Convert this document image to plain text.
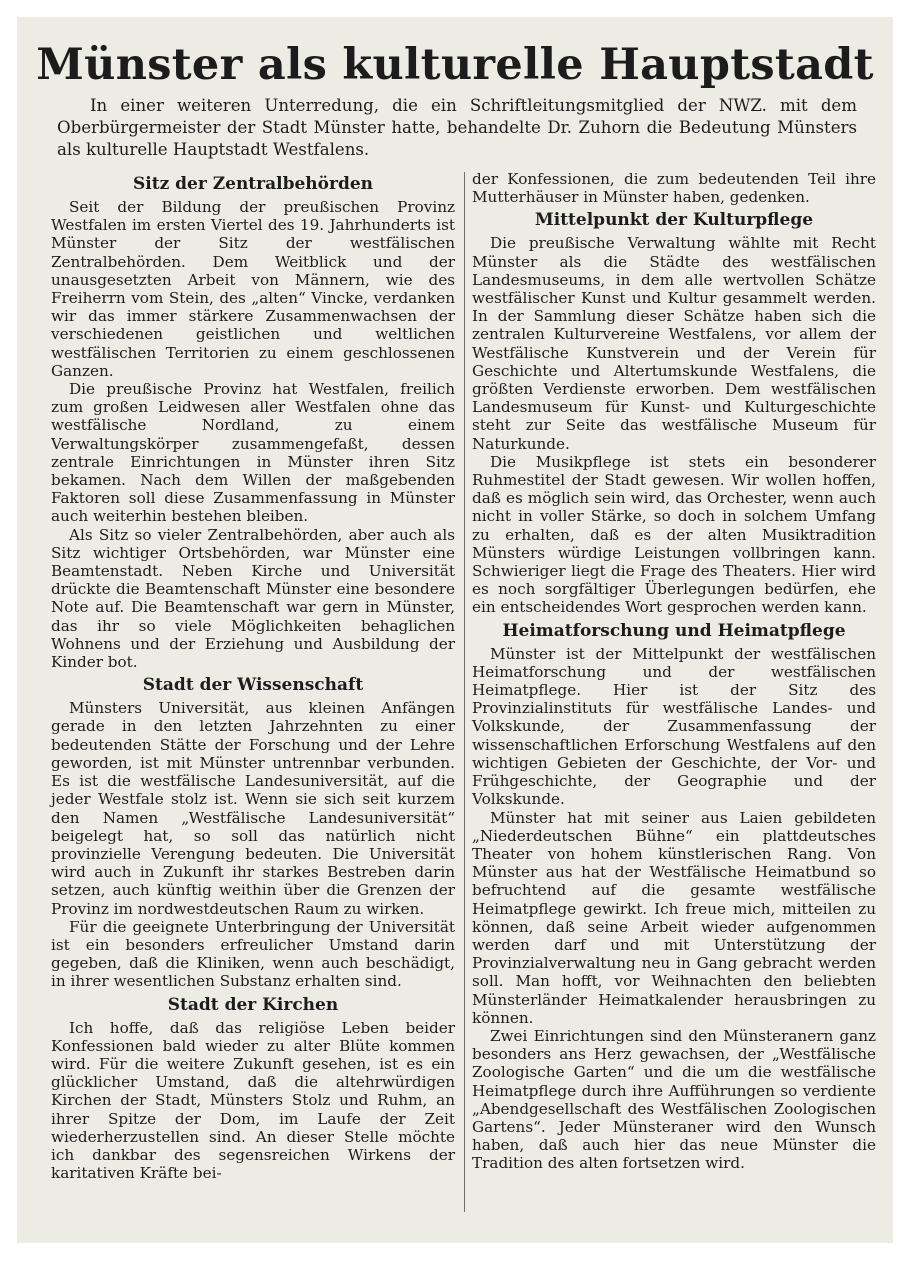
Münster als kulturelle Hauptstadt

In einer weiteren Unterredung, die ein Schriftleitungsmitglied der NWZ. mit dem Oberbürgermeister der Stadt Münster hatte, behandelte Dr. Zuhorn die Bedeutung Münsters als kulturelle Hauptstadt Westfalens.

Sitz der Zentralbehörden

Seit der Bildung der preußischen Provinz Westfalen im ersten Viertel des 19. Jahrhunderts ist Münster der Sitz der westfälischen Zentralbehörden. Dem Weitblick und der unausgesetzten Arbeit von Männern, wie des Freiherrn vom Stein, des „alten“ Vincke, verdanken wir das immer stärkere Zusammenwachsen der verschiedenen geistlichen und weltlichen westfälischen Territorien zu einem geschlossenen Ganzen.

Die preußische Provinz hat Westfalen, freilich zum großen Leidwesen aller Westfalen ohne das westfälische Nordland, zu einem Verwaltungskörper zusammengefaßt, dessen zentrale Einrichtungen in Münster ihren Sitz bekamen. Nach dem Willen der maßgebenden Faktoren soll diese Zusammenfassung in Münster auch weiterhin bestehen bleiben.

Als Sitz so vieler Zentralbehörden, aber auch als Sitz wichtiger Ortsbehörden, war Münster eine Beamtenstadt. Neben Kirche und Universität drückte die Beamtenschaft Münster eine besondere Note auf. Die Beamtenschaft war gern in Münster, das ihr so viele Möglichkeiten behaglichen Wohnens und der Erziehung und Ausbildung der Kinder bot.

Stadt der Wissenschaft

Münsters Universität, aus kleinen Anfängen gerade in den letzten Jahrzehnten zu einer bedeutenden Stätte der Forschung und der Lehre geworden, ist mit Münster untrennbar verbunden. Es ist die westfälische Landesuniversität, auf die jeder Westfale stolz ist. Wenn sie sich seit kurzem den Namen „Westfälische Landesuniversität“ beigelegt hat, so soll das natürlich nicht provinzielle Verengung bedeuten. Die Universität wird auch in Zukunft ihr starkes Bestreben darin setzen, auch künftig weithin über die Grenzen der Provinz im nordwestdeutschen Raum zu wirken.

Für die geeignete Unterbringung der Universität ist ein besonders erfreulicher Umstand darin gegeben, daß die Kliniken, wenn auch beschädigt, in ihrer wesentlichen Substanz erhalten sind.

Stadt der Kirchen

Ich hoffe, daß das religiöse Leben beider Konfessionen bald wieder zu alter Blüte kommen wird. Für die weitere Zukunft gesehen, ist es ein glücklicher Umstand, daß die altehrwürdigen Kirchen der Stadt, Münsters Stolz und Ruhm, an ihrer Spitze der Dom, im Laufe der Zeit wiederherzustellen sind. An dieser Stelle möchte ich dankbar des segensreichen Wirkens der karitativen Kräfte bei-

der Konfessionen, die zum bedeutenden Teil ihre Mutterhäuser in Münster haben, gedenken.

Mittelpunkt der Kulturpflege

Die preußische Verwaltung wählte mit Recht Münster als die Städte des westfälischen Landesmuseums, in dem alle wertvollen Schätze westfälischer Kunst und Kultur gesammelt werden. In der Sammlung dieser Schätze haben sich die zentralen Kulturvereine Westfalens, vor allem der Westfälische Kunstverein und der Verein für Geschichte und Altertumskunde Westfalens, die größten Verdienste erworben. Dem westfälischen Landesmuseum für Kunst- und Kulturgeschichte steht zur Seite das westfälische Museum für Naturkunde.

Die Musikpflege ist stets ein besonderer Ruhmestitel der Stadt gewesen. Wir wollen hoffen, daß es möglich sein wird, das Orchester, wenn auch nicht in voller Stärke, so doch in solchem Umfang zu erhalten, daß es der alten Musiktradition Münsters würdige Leistungen vollbringen kann. Schwieriger liegt die Frage des Theaters. Hier wird es noch sorgfältiger Überlegungen bedürfen, ehe ein entscheidendes Wort gesprochen werden kann.

Heimatforschung und Heimatpflege

Münster ist der Mittelpunkt der westfälischen Heimatforschung und der westfälischen Heimatpflege. Hier ist der Sitz des Provinzialinstituts für westfälische Landes- und Volkskunde, der Zusammenfassung der wissenschaftlichen Erforschung Westfalens auf den wichtigen Gebieten der Geschichte, der Vor- und Frühgeschichte, der Geographie und der Volkskunde.

Münster hat mit seiner aus Laien gebildeten „Niederdeutschen Bühne“ ein plattdeutsches Theater von hohem künstlerischen Rang. Von Münster aus hat der Westfälische Heimatbund so befruchtend auf die gesamte westfälische Heimatpflege gewirkt. Ich freue mich, mitteilen zu können, daß seine Arbeit wieder aufgenommen werden darf und mit Unterstützung der Provinzialverwaltung neu in Gang gebracht werden soll. Man hofft, vor Weihnachten den beliebten Münsterländer Heimatkalender herausbringen zu können.

Zwei Einrichtungen sind den Münsteranern ganz besonders ans Herz gewachsen, der „Westfälische Zoologische Garten“ und die um die westfälische Heimatpflege durch ihre Aufführungen so verdiente „Abendgesellschaft des Westfälischen Zoologischen Gartens“. Jeder Münsteraner wird den Wunsch haben, daß auch hier das neue Münster die Tradition des alten fortsetzen wird.
